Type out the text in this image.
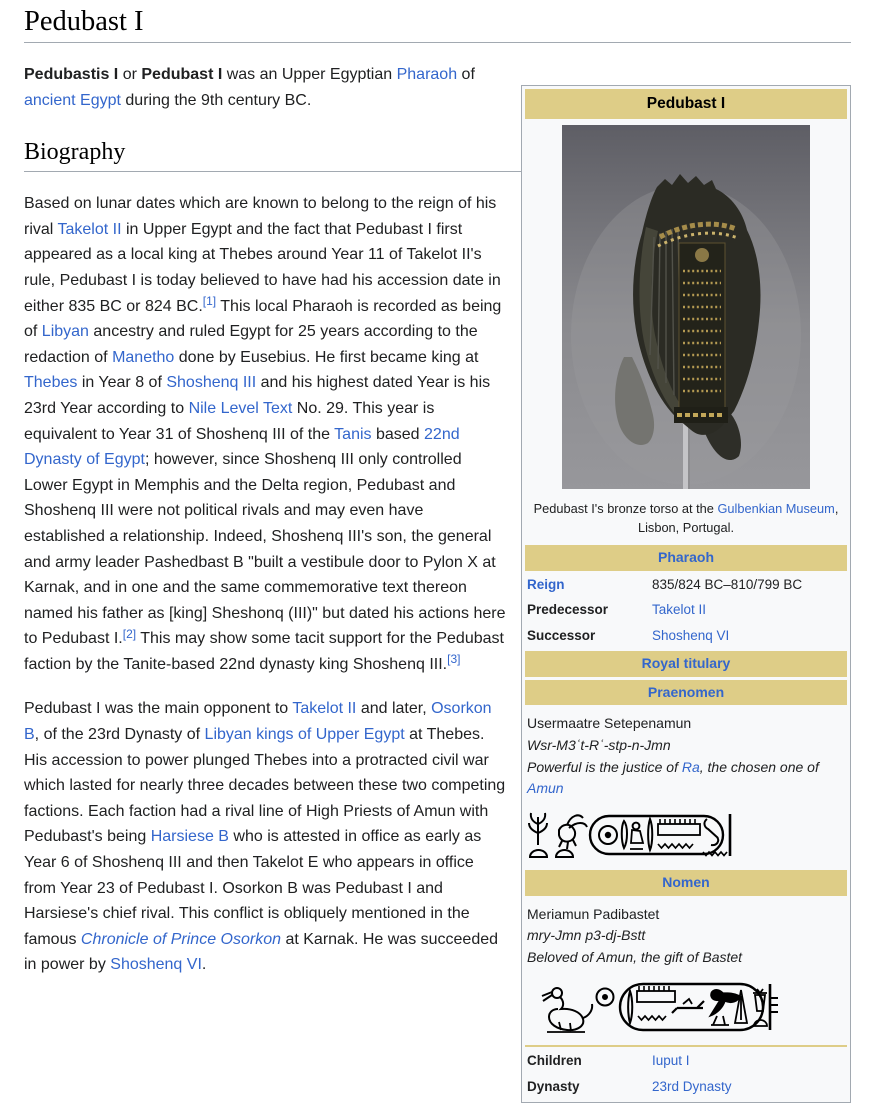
Pedubast I
Pedubast I	

Pedubast I's bronze torso at the Gulbenkian Museum, Lisbon, Portugal.	
Pharaoh	
Reign	835/824 BC–810/799 BC
Predecessor	Takelot II
Successor	Shoshenq VI
Royal titulary	
Praenomen	

Usermaatre Setepenamun
Wsr-M3ʿt-Rʿ-stp-n-Jmn
Powerful is the justice of Ra, the chosen one of Amun	

Nomen	

Meriamun Padibastet
mry-Jmn p3-dj-Bstt
Beloved of Amun, the gift of Bastet	

Children	Iuput I
Dynasty	23rd Dynasty

Pedubastis I or Pedubast I was an Upper Egyptian Pharaoh of ancient Egypt during the 9th century BC.

Biography

Based on lunar dates which are known to belong to the reign of his rival Takelot II in Upper Egypt and the fact that Pedubast I first appeared as a local king at Thebes around Year 11 of Takelot II's rule, Pedubast I is today believed to have had his accession date in either 835 BC or 824 BC.[1] This local Pharaoh is recorded as being of Libyan ancestry and ruled Egypt for 25 years according to the redaction of Manetho done by Eusebius. He first became king at Thebes in Year 8 of Shoshenq III and his highest dated Year is his 23rd Year according to Nile Level Text No. 29. This year is equivalent to Year 31 of Shoshenq III of the Tanis based 22nd Dynasty of Egypt; however, since Shoshenq III only controlled Lower Egypt in Memphis and the Delta region, Pedubast and Shoshenq III were not political rivals and may even have established a relationship. Indeed, Shoshenq III's son, the general and army leader Pashedbast B "built a vestibule door to Pylon X at Karnak, and in one and the same commemorative text thereon named his father as [king] Sheshonq (III)" but dated his actions here to Pedubast I.[2] This may show some tacit support for the Pedubast faction by the Tanite-based 22nd dynasty king Shoshenq III.[3]

Pedubast I was the main opponent to Takelot II and later, Osorkon B, of the 23rd Dynasty of Libyan kings of Upper Egypt at Thebes. His accession to power plunged Thebes into a protracted civil war which lasted for nearly three decades between these two competing factions. Each faction had a rival line of High Priests of Amun with Pedubast's being Harsiese B who is attested in office as early as Year 6 of Shoshenq III and then Takelot E who appears in office from Year 23 of Pedubast I. Osorkon B was Pedubast I and Harsiese's chief rival. This conflict is obliquely mentioned in the famous Chronicle of Prince Osorkon at Karnak. He was succeeded in power by Shoshenq VI.
